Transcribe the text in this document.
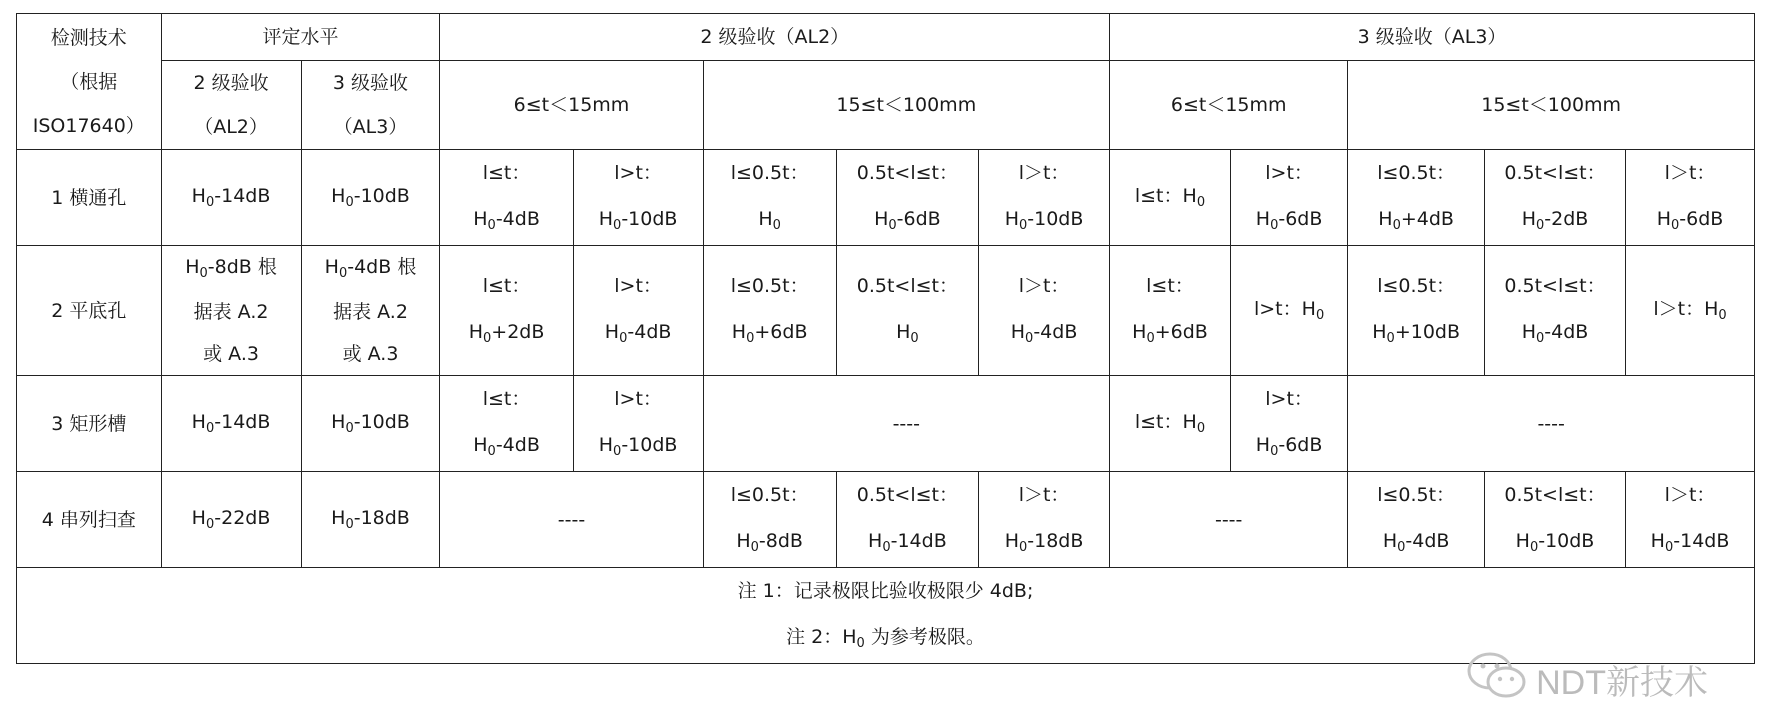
检测技术
（根据
ISO17640）	评定水平		2 级验收（AL2）					3 级验收（AL3）				

	2 级验收
（AL2）	3 级验收
（AL3）	6≤t＜15mm		15≤t＜100mm			6≤t＜15mm		15≤t＜100mm		
1 横通孔	$H_0-14dB$	$H_0-10dB$	l≤t：
$H_0-4dB$	l>t：
$H_0-10dB$	l≤0.5t：
$H_0$	0.5t<l≤t：
$H_0-6dB$	l＞t：
$H_0-10dB$	l≤t：$H_0$	l>t：
$H_0-6dB$	l≤0.5t：
$H_0+4dB$	0.5t<l≤t：
$H_0-2dB$	l＞t：
$H_0-6dB$

2 平底孔	$H_0-8dB$ 根
据表 A.2
或 A.3	$H_0-4dB$ 根
据表 A.2
或 A.3	l≤t：
$H_0+2dB$	l>t：
$H_0-4dB$	l≤0.5t：
$H_0+6dB$	0.5t<l≤t：
$H_0$	l＞t：
$H_0-4dB$	l≤t：
$H_0+6dB$	l>t：$H_0$	l≤0.5t：
$H_0+10dB$	0.5t<l≤t：
$H_0-4dB$	l＞t：$H_0$

3 矩形槽	$H_0-14dB$	$H_0-10dB$	l≤t：
$H_0-4dB$	l>t：
$H_0-10dB$	----			l≤t：$H_0$	l>t：
$H_0-6dB$	----		

4 串列扫查	$H_0-22dB$	$H_0-18dB$	----		l≤0.5t：
$H_0-8dB$	0.5t<l≤t：
$H_0-14dB$	l＞t：
$H_0-18dB$	----		l≤0.5t：
$H_0-4dB$	0.5t<l≤t：
$H_0-10dB$	l＞t：
$H_0-14dB$

注 1：记录极限比验收极限少 4dB;
注 2：$H_0$ 为参考极限。												
NDT新技术
